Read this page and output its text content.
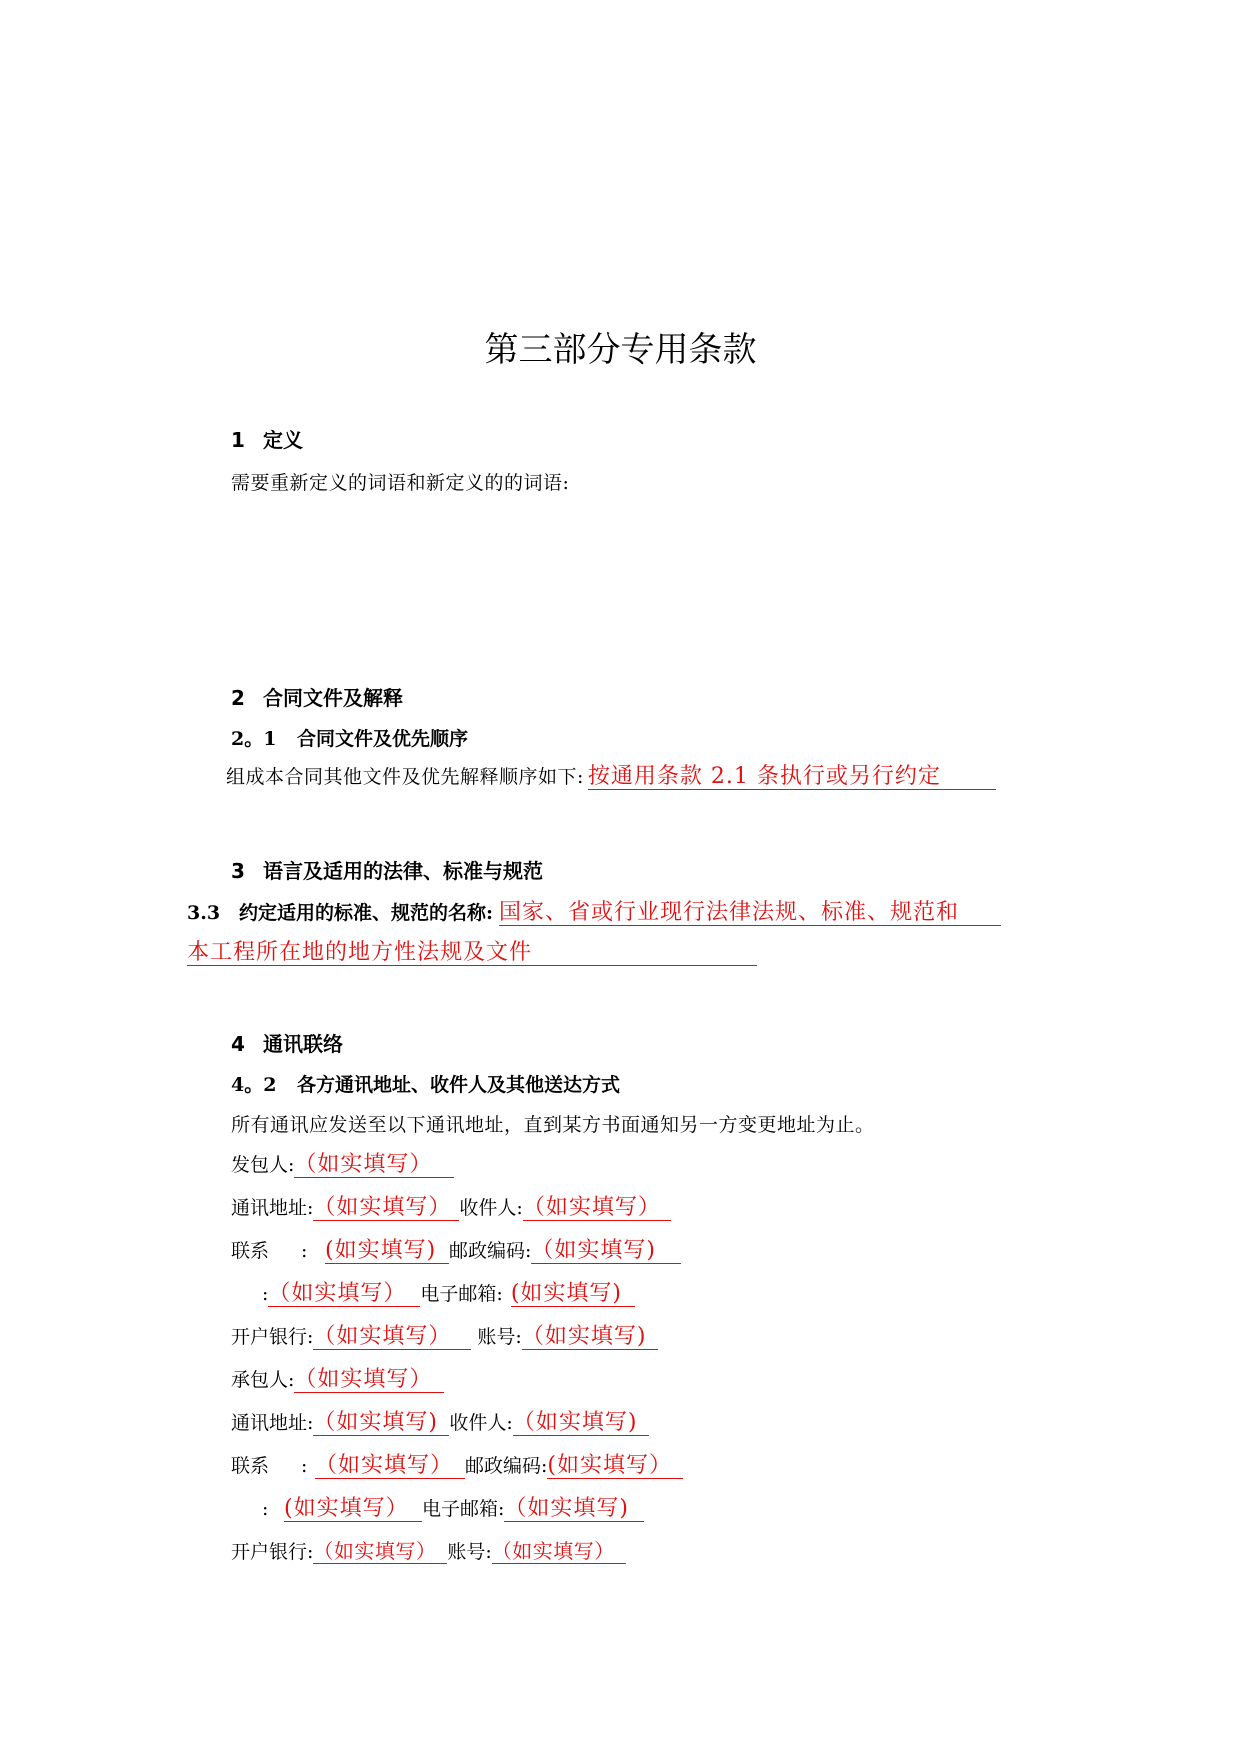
第三部分专用条款
1 定义
需要重新定义的词语和新定义的的词语:
2 合同文件及解释
2。1 合同文件及优先顺序
组成本合同其他文件及优先解释顺序如下: 按通用条款 2.1 条执行或另行约定
3 语言及适用的法律、标准与规范
3.3 约定适用的标准、规范的名称: 国家、省或行业现行法律法规、标准、规范和
本工程所在地的地方性法规及文件
4 通讯联络
4。2 各方通讯地址、收件人及其他送达方式
所有通讯应发送至以下通讯地址，直到某方书面通知另一方变更地址为止。
发包人: （如实填写）
通讯地址: （如实填写） 收件人: （如实填写）
联系	: (如实填写) 邮政编码: （如实填写)
: （如实填写） 电子邮箱: (如实填写)
开户银行: （如实填写）	账号: （如实填写)
承包人: （如实填写）
通讯地址: （如实填写) 收件人: （如实填写)
联系	: （如实填写） 邮政编码: (如实填写）
: (如实填写） 电子邮箱: （如实填写)
开户银行: （如实填写） 账号: （如实填写）
